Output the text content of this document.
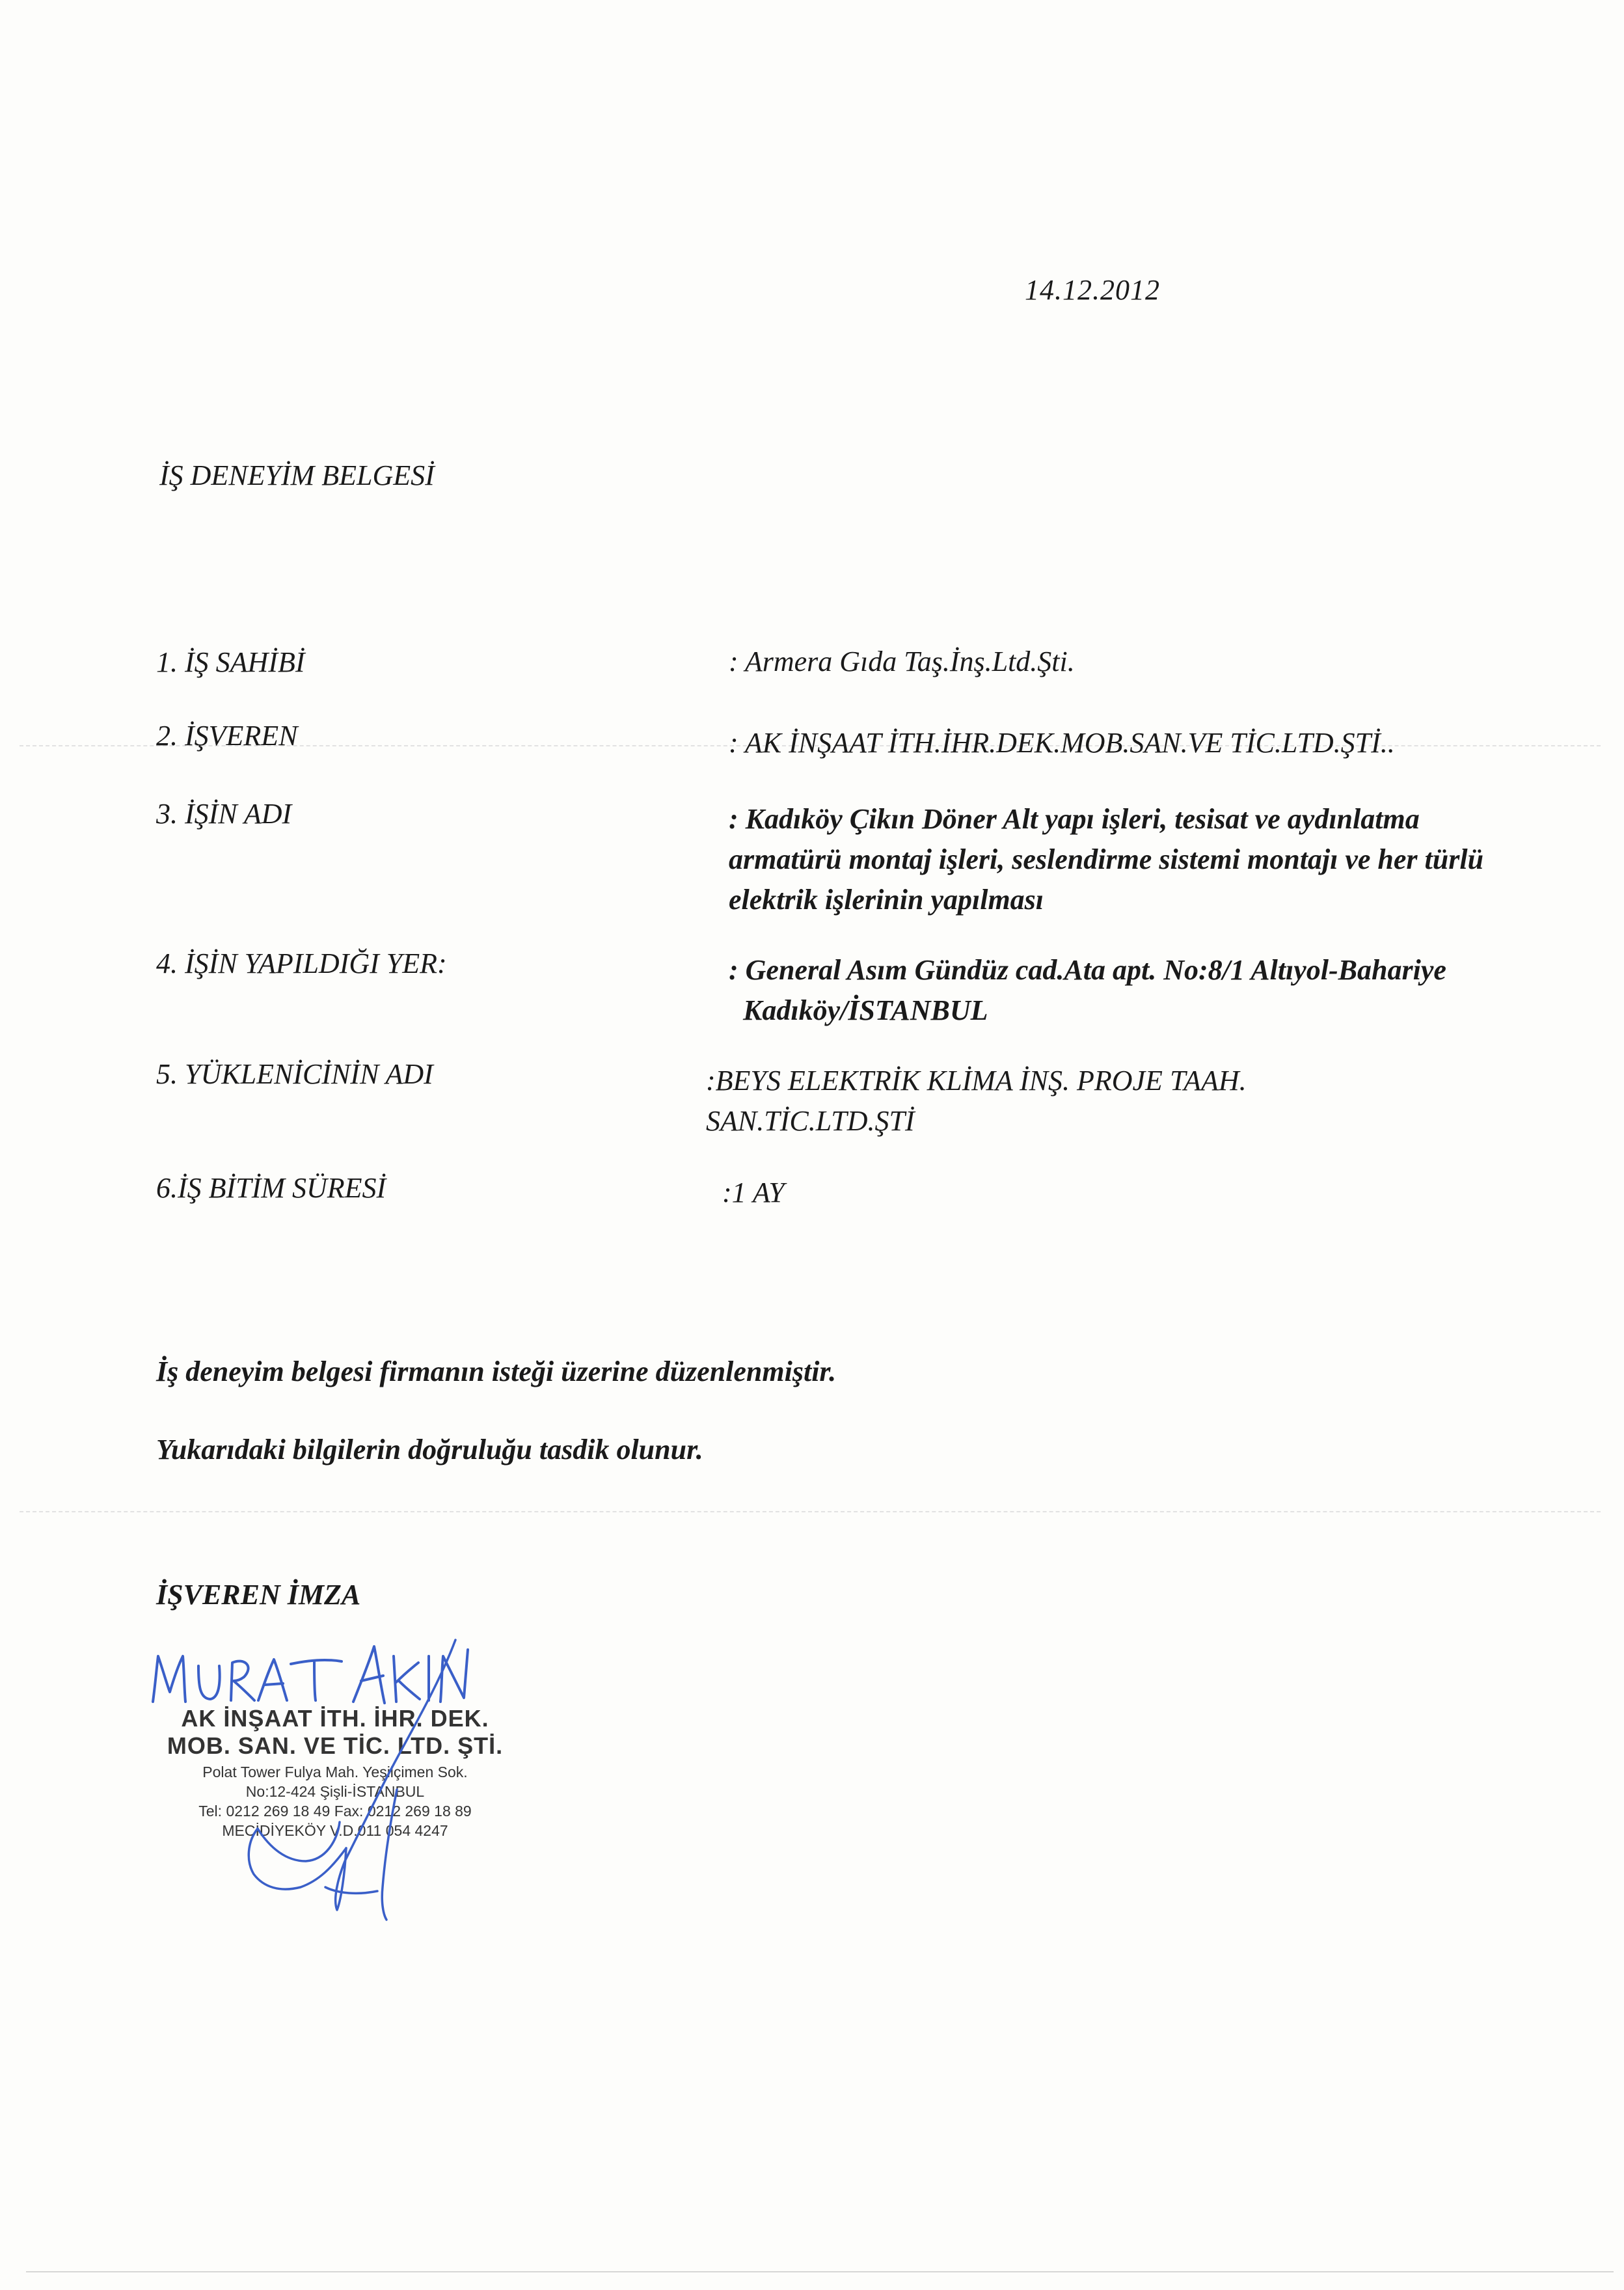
14.12.2012
İŞ DENEYİM BELGESİ
1. İŞ SAHİBİ	: Armera Gıda Taş.İnş.Ltd.Şti.
2. İŞVEREN	: AK İNŞAAT İTH.İHR.DEK.MOB.SAN.VE TİC.LTD.ŞTİ..
3. İŞİN ADI	: Kadıköy Çikın Döner Alt yapı işleri, tesisat ve aydınlatma
armatürü montaj işleri, seslendirme sistemi montajı ve her türlü
elektrik işlerinin yapılması
4. İŞİN YAPILDIĞI YER:	: General Asım Gündüz cad.Ata apt. No:8/1 Altıyol-Bahariye
Kadıköy/İSTANBUL
5. YÜKLENİCİNİN ADI	:BEYS ELEKTRİK KLİMA İNŞ. PROJE TAAH.
SAN.TİC.LTD.ŞTİ
6.İŞ BİTİM SÜRESİ	:1 AY
İş deneyim belgesi firmanın isteği üzerine düzenlenmiştir.
Yukarıdaki bilgilerin doğruluğu tasdik olunur.
İŞVEREN İMZA
AK İNŞAAT İTH. İHR. DEK.
MOB. SAN. VE TİC. LTD. ŞTİ.
Polat Tower Fulya Mah. Yeşilçimen Sok.
No:12-424 Şişli-İSTANBUL
Tel: 0212 269 18 49 Fax: 0212 269 18 89
MECİDİYEKÖY V.D.011 054 4247
